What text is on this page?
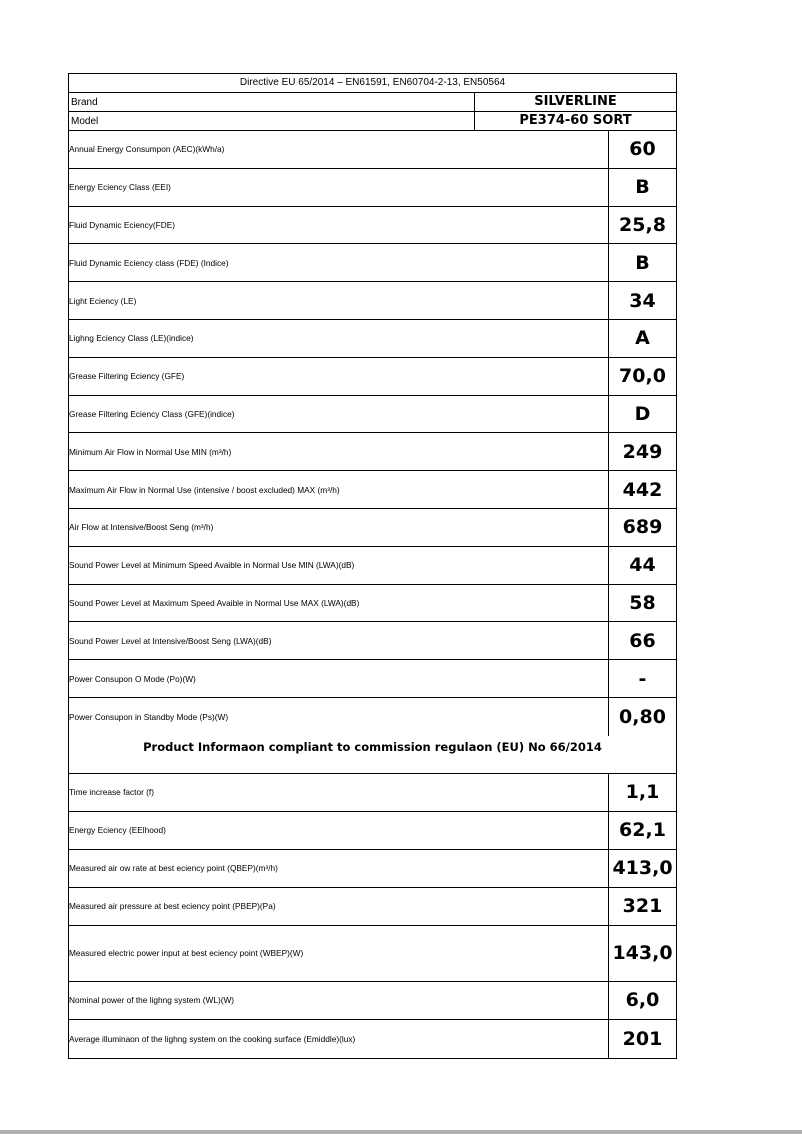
Directive EU 65/2014 – EN61591, EN60704-2-13, EN50564
Brand	SILVERLINE
Model	PE374-60 SORT
Annual Energy Consumpon (AEC)(kWh/a)	60
Energy Eciency Class (EEI)	B
Fluid Dynamic Eciency(FDE)	25,8
Fluid Dynamic Eciency class (FDE) (Indice)	B
Light Eciency (LE)	34
Lighng Eciency Class (LE)(indice)	A
Grease Filtering Eciency (GFE)	70,0
Grease Filtering Eciency Class (GFE)(indice)	D
Minimum Air Flow in Normal Use MIN (m³/h)	249
Maximum Air Flow in Normal Use (intensive / boost excluded) MAX (m³/h)	442
Air Flow at Intensive/Boost Seng (m³/h)	689
Sound Power Level at Minimum Speed Avaible in Normal Use MIN (LWA)(dB)	44
Sound Power Level at Maximum Speed Avaible in Normal Use MAX (LWA)(dB)	58
Sound Power Level at Intensive/Boost Seng (LWA)(dB)	66
Power Consupon O Mode (Po)(W)	-
Power Consupon in Standby Mode (Ps)(W)	0,80
Product Informaon compliant to commission regulaon (EU) No 66/2014
Time increase factor (f)	1,1
Energy Eciency (EElhood)	62,1
Measured air ow rate at best eciency point (QBEP)(m³/h)	413,0
Measured air pressure at best eciency point (PBEP)(Pa)	321
Measured electric power input at best eciency point (WBEP)(W)	143,0
Nominal power of the lighng system (WL)(W)	6,0
Average illuminaon of the lighng system on the cooking surface (Emiddle)(lux)	201
